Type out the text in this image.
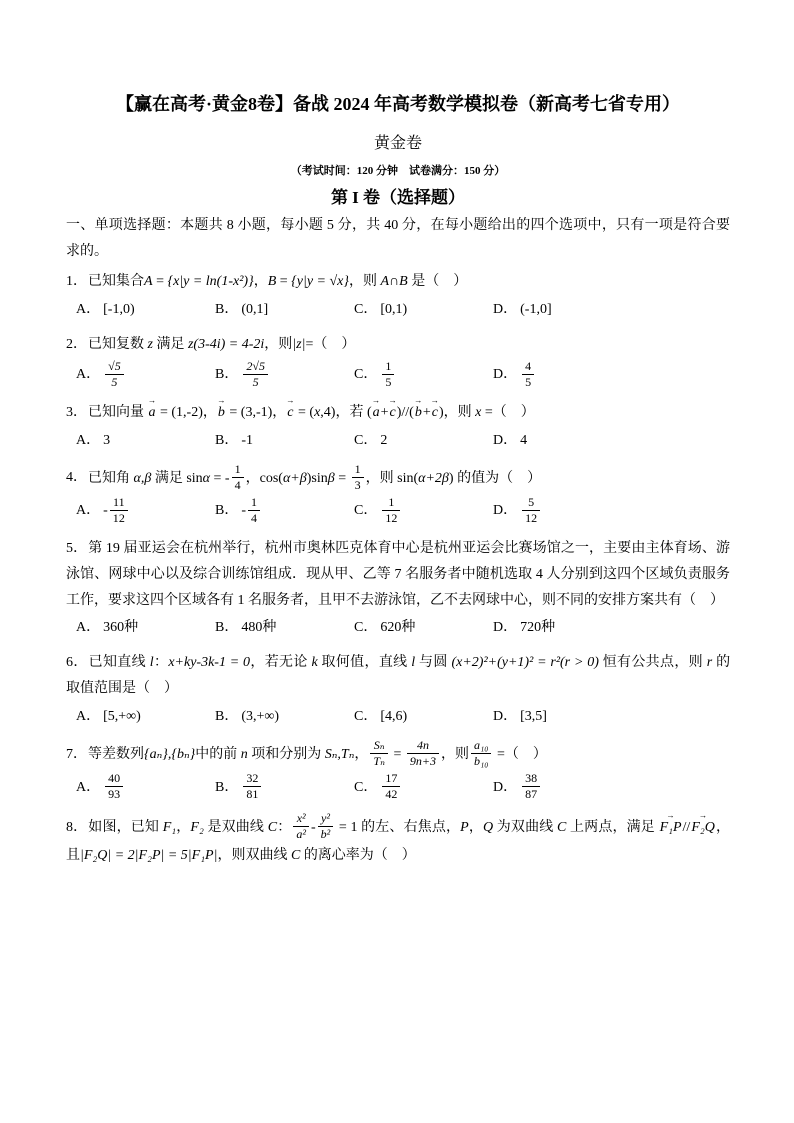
【赢在高考·黄金8卷】备战 2024 年高考数学模拟卷（新高考七省专用）
黄金卷
（考试时间：120 分钟　试卷满分：150 分）
第 I 卷（选择题）
一、单项选择题：本题共 8 小题，每小题 5 分，共 40 分，在每小题给出的四个选项中，只有一项是符合要求的。
1．已知集合A = {x|y = ln(1-x²)}，B = {y|y = √x}，则 A∩B 是（　）
A． [-1,0)	B． (0,1]	C． [0,1)	D． (-1,0]
2．已知复数 z 满足 z(3-4i) = 4-2i，则|z|=（　）
A． $\frac{√5}{5}$	B． $\frac{2√5}{5}$	C． $\frac{1}{5}$	D． $\frac{4}{5}$
3．已知向量 a → = (1,-2)，b → = (3,-1)，c → = (x,4)，若 (a →+c →)//(b →+c →)，则 x =（　）
A． 3	B． -1	C． 2	D． 4
4．已知角 α,β 满足 sinα = - $\frac{1}{4}$ ，$\cos(\alpha+\beta)\sin\beta = \frac{1}{3}$ ，则 sin(α+2β) 的值为（　）
A． - $\frac{11}{12}$	B． - $\frac{1}{4}$	C． $\frac{1}{12}$	D． $\frac{5}{12}$
5．第 19 届亚运会在杭州举行，杭州市奥林匹克体育中心是杭州亚运会比赛场馆之一，主要由主体育场、游泳馆、网球中心以及综合训练馆组成．现从甲、乙等 7 名服务者中随机选取 4 人分别到这四个区域负责服务工作，要求这四个区域各有 1 名服务者，且甲不去游泳馆，乙不去网球中心，则不同的安排方案共有（　）
A． 360种	B． 480种	C． 620种	D． 720种
6．已知直线 l：x+ky-3k-1 = 0，若无论 k 取何值，直线 l 与圆 (x+2)²+(y+1)² = r²(r > 0) 恒有公共点，则 r 的取值范围是（　）
A． [5,+∞)	B． (3,+∞)	C． [4,6)	D． [3,5]
7．等差数列{aₙ},{bₙ}中的前 n 项和分别为 Sₙ,Tₙ， $\frac{\text{Sₙ}}{\text{Tₙ}} = \frac{4n}{9n+3}$ ，则 $\frac{\text{a₁₀}}{\text{b₁₀}}$ =（　）
A． $\frac{40}{93}$	B． $\frac{32}{81}$	C． $\frac{17}{42}$	D． $\frac{38}{87}$
8．如图，已知 F₁，F₂ 是双曲线 C： $\frac{\text{x²}}{\text{a²}} - \frac{\text{y²}}{\text{b²}} = 1$ 的左、右焦点，P，Q 为双曲线 C 上两点，满足 F₁P →//F₂Q →，且|F₂Q| = 2|F₂P| = 5|F₁P|，则双曲线 C 的离心率为（　）
